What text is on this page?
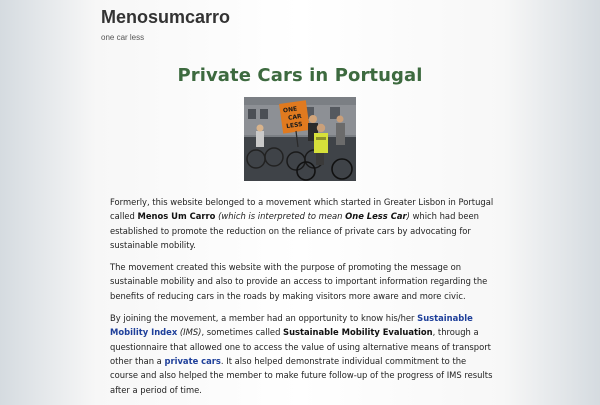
Menosumcarro
one car less
Private Cars in Portugal
ONE
CAR
LESS

Formerly, this website belonged to a movement which started in Greater Lisbon in Portugal called Menos Um Carro (which is interpreted to mean One Less Car) which had been established to promote the reduction on the reliance of private cars by advocating for sustainable mobility.

The movement created this website with the purpose of promoting the message on sustainable mobility and also to provide an access to important information regarding the benefits of reducing cars in the roads by making visitors more aware and more civic.

By joining the movement, a member had an opportunity to know his/her Sustainable Mobility Index (IMS), sometimes called Sustainable Mobility Evaluation, through a questionnaire that allowed one to access the value of using alternative means of transport other than a private cars. It also helped demonstrate individual commitment to the course and also helped the member to make future follow-up of the progress of IMS results after a period of time.
